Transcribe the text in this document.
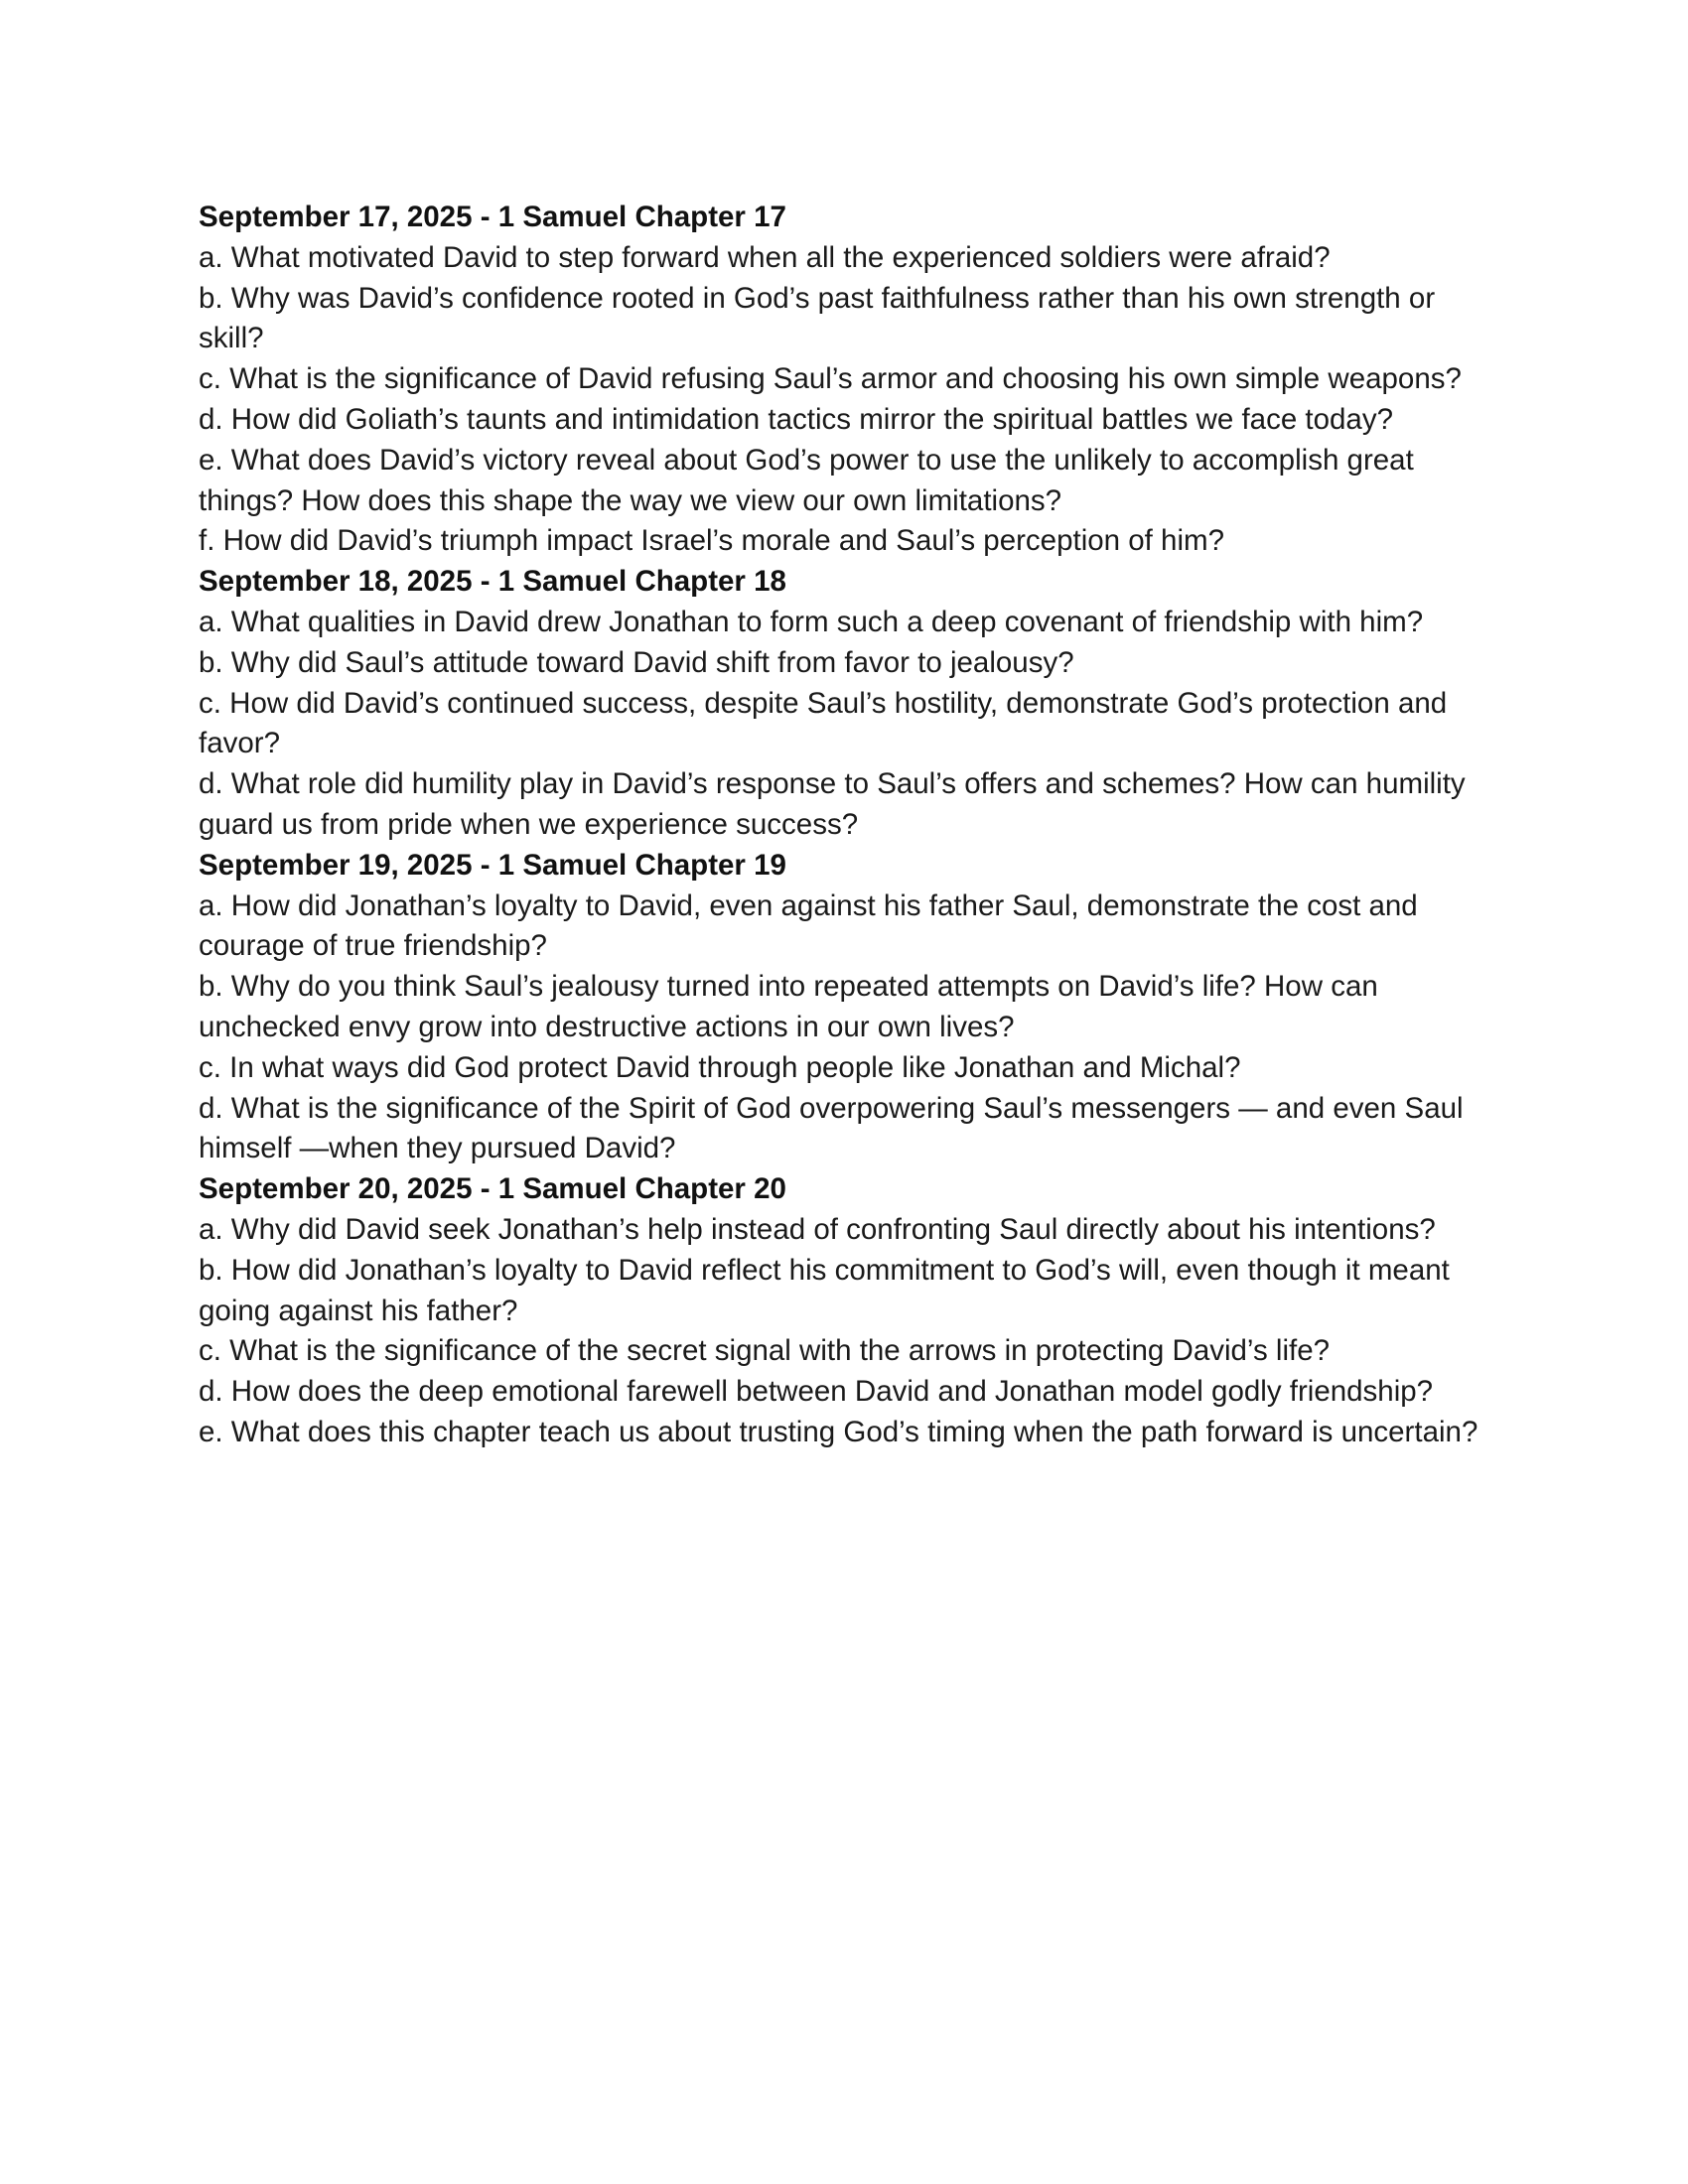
September 17, 2025 - 1 Samuel Chapter 17
a. What motivated David to step forward when all the experienced soldiers were afraid?
b. Why was David’s confidence rooted in God’s past faithfulness rather than his own strength or skill?
c. What is the significance of David refusing Saul’s armor and choosing his own simple weapons?
d. How did Goliath’s taunts and intimidation tactics mirror the spiritual battles we face today?
e. What does David’s victory reveal about God’s power to use the unlikely to accomplish great things? How does this shape the way we view our own limitations?
f. How did David’s triumph impact Israel’s morale and Saul’s perception of him?
September 18, 2025 - 1 Samuel Chapter 18
a. What qualities in David drew Jonathan to form such a deep covenant of friendship with him?
b. Why did Saul’s attitude toward David shift from favor to jealousy?
c. How did David’s continued success, despite Saul’s hostility, demonstrate God’s protection and favor?
d. What role did humility play in David’s response to Saul’s offers and schemes? How can humility guard us from pride when we experience success?
September 19, 2025 - 1 Samuel Chapter 19
a. How did Jonathan’s loyalty to David, even against his father Saul, demonstrate the cost and courage of true friendship?
b. Why do you think Saul’s jealousy turned into repeated attempts on David’s life? How can unchecked envy grow into destructive actions in our own lives?
c. In what ways did God protect David through people like Jonathan and Michal?
d. What is the significance of the Spirit of God overpowering Saul’s messengers — and even Saul himself —when they pursued David?
September 20, 2025 - 1 Samuel Chapter 20
a. Why did David seek Jonathan’s help instead of confronting Saul directly about his intentions?
b. How did Jonathan’s loyalty to David reflect his commitment to God’s will, even though it meant going against his father?
c. What is the significance of the secret signal with the arrows in protecting David’s life?
d. How does the deep emotional farewell between David and Jonathan model godly friendship?
e. What does this chapter teach us about trusting God’s timing when the path forward is uncertain?
